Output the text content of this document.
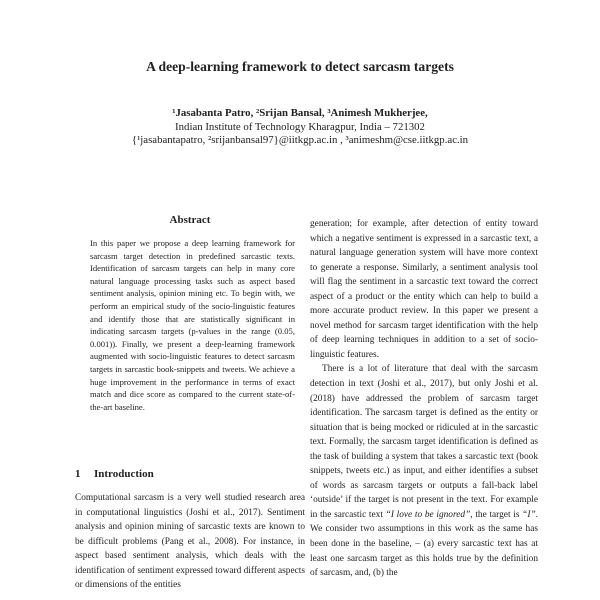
A deep-learning framework to detect sarcasm targets
¹Jasabanta Patro, ²Srijan Bansal, ³Animesh Mukherjee,
Indian Institute of Technology Kharagpur, India – 721302
{¹jasabantapatro, ²srijanbansal97}@iitkgp.ac.in , ³animeshm@cse.iitkgp.ac.in
Abstract

In this paper we propose a deep learning framework for sarcasm target detection in predefined sarcastic texts. Identification of sarcasm targets can help in many core natural language processing tasks such as aspect based sentiment analysis, opinion mining etc. To begin with, we perform an empirical study of the socio-linguistic features and identify those that are statistically significant in indicating sarcasm targets (p-values in the range (0.05, 0.001)). Finally, we present a deep-learning framework augmented with socio-linguistic features to detect sarcasm targets in sarcastic book-snippets and tweets. We achieve a huge improvement in the performance in terms of exact match and dice score as compared to the current state-of-the-art baseline.

1 Introduction

Computational sarcasm is a very well studied research area in computational linguistics (Joshi et al., 2017). Sentiment analysis and opinion mining of sarcastic texts are known to be difficult problems (Pang et al., 2008). For instance, in aspect based sentiment analysis, which deals with the identification of sentiment expressed toward different aspects or dimensions of the entities

generation; for example, after detection of entity toward which a negative sentiment is expressed in a sarcastic text, a natural language generation system will have more context to generate a response. Similarly, a sentiment analysis tool will flag the sentiment in a sarcastic text toward the correct aspect of a product or the entity which can help to build a more accurate product review. In this paper we present a novel method for sarcasm target identification with the help of deep learning techniques in addition to a set of socio-linguistic features.

There is a lot of literature that deal with the sarcasm detection in text (Joshi et al., 2017), but only Joshi et al. (2018) have addressed the problem of sarcasm target identification. The sarcasm target is defined as the entity or situation that is being mocked or ridiculed at in the sarcastic text. Formally, the sarcasm target identification is defined as the task of building a system that takes a sarcastic text (book snippets, tweets etc.) as input, and either identifies a subset of words as sarcasm targets or outputs a fall-back label ‘outside’ if the target is not present in the text. For example in the sarcastic text “I love to be ignored”, the target is “I”. We consider two assumptions in this work as the same has been done in the baseline, – (a) every sarcastic text has at least one sarcasm target as this holds true by the definition of sarcasm, and, (b) the
